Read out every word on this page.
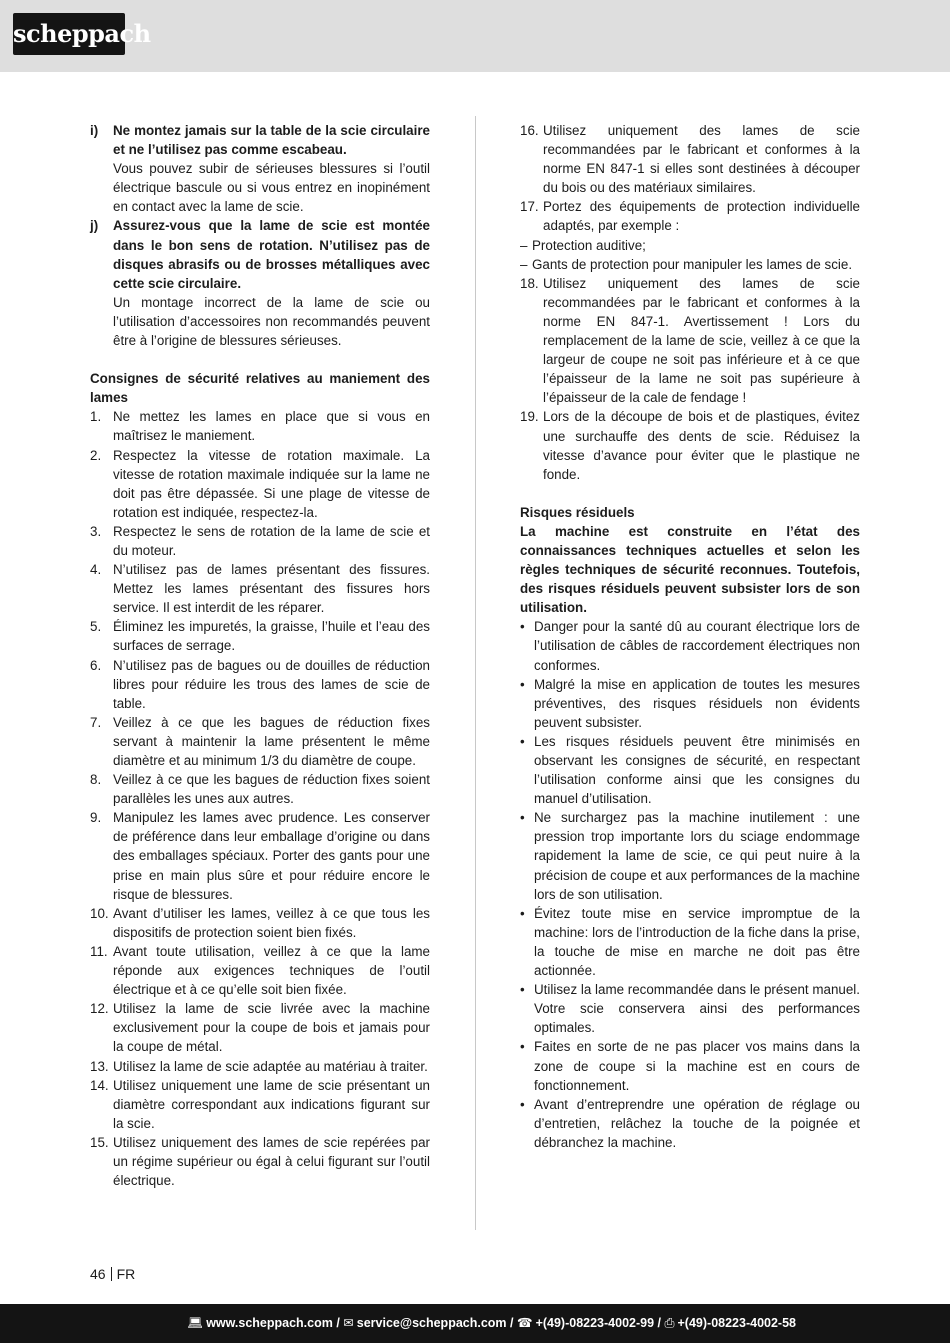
scheppach
i)	Ne montez jamais sur la table de la scie circulaire et ne l’utilisez pas comme escabeau.
Vous pouvez subir de sérieuses blessures si l’outil électrique bascule ou si vous entrez en inopinément en contact avec la lame de scie.
j)	Assurez-vous que la lame de scie est montée dans le bon sens de rotation. N’utilisez pas de disques abrasifs ou de brosses métalliques avec cette scie circulaire.
Un montage incorrect de la lame de scie ou l’utilisation d’accessoires non recommandés peuvent être à l’origine de blessures sérieuses.
Consignes de sécurité relatives au maniement des lames
1. Ne mettez les lames en place que si vous en maîtrisez le maniement.
2. Respectez la vitesse de rotation maximale. La vitesse de rotation maximale indiquée sur la lame ne doit pas être dépassée. Si une plage de vitesse de rotation est indiquée, respectez-la.
3. Respectez le sens de rotation de la lame de scie et du moteur.
4. N’utilisez pas de lames présentant des fissures. Mettez les lames présentant des fissures hors service. Il est interdit de les réparer.
5. Éliminez les impuretés, la graisse, l’huile et l’eau des surfaces de serrage.
6. N’utilisez pas de bagues ou de douilles de réduction libres pour réduire les trous des lames de scie de table.
7. Veillez à ce que les bagues de réduction fixes servant à maintenir la lame présentent le même diamètre et au minimum 1/3 du diamètre de coupe.
8. Veillez à ce que les bagues de réduction fixes soient parallèles les unes aux autres.
9. Manipulez les lames avec prudence. Les conserver de préférence dans leur emballage d’origine ou dans des emballages spéciaux. Porter des gants pour une prise en main plus sûre et pour réduire encore le risque de blessures.
10. Avant d’utiliser les lames, veillez à ce que tous les dispositifs de protection soient bien fixés.
11. Avant toute utilisation, veillez à ce que la lame réponde aux exigences techniques de l’outil électrique et à ce qu’elle soit bien fixée.
12. Utilisez la lame de scie livrée avec la machine exclusivement pour la coupe de bois et jamais pour la coupe de métal.
13. Utilisez la lame de scie adaptée au matériau à traiter.
14. Utilisez uniquement une lame de scie présentant un diamètre correspondant aux indications figurant sur la scie.
15. Utilisez uniquement des lames de scie repérées par un régime supérieur ou égal à celui figurant sur l’outil électrique.
16. Utilisez uniquement des lames de scie recommandées par le fabricant et conformes à la norme EN 847-1 si elles sont destinées à découper du bois ou des matériaux similaires.
17. Portez des équipements de protection individuelle adaptés, par exemple :
– Protection auditive;
– Gants de protection pour manipuler les lames de scie.
18. Utilisez uniquement des lames de scie recommandées par le fabricant et conformes à la norme EN 847-1. Avertissement ! Lors du remplacement de la lame de scie, veillez à ce que la largeur de coupe ne soit pas inférieure et à ce que l’épaisseur de la lame ne soit pas supérieure à l’épaisseur de la cale de fendage !
19. Lors de la découpe de bois et de plastiques, évitez une surchauffe des dents de scie. Réduisez la vitesse d’avance pour éviter que le plastique ne fonde.
Risques résiduels
La machine est construite en l’état des connaissances techniques actuelles et selon les règles techniques de sécurité reconnues. Toutefois, des risques résiduels peuvent subsister lors de son utilisation.
• Danger pour la santé dû au courant électrique lors de l’utilisation de câbles de raccordement électriques non conformes.
• Malgré la mise en application de toutes les mesures préventives, des risques résiduels non évidents peuvent subsister.
• Les risques résiduels peuvent être minimisés en observant les consignes de sécurité, en respectant l’utilisation conforme ainsi que les consignes du manuel d’utilisation.
• Ne surchargez pas la machine inutilement : une pression trop importante lors du sciage endommage rapidement la lame de scie, ce qui peut nuire à la précision de coupe et aux performances de la machine lors de son utilisation.
• Évitez toute mise en service impromptue de la machine: lors de l’introduction de la fiche dans la prise, la touche de mise en marche ne doit pas être actionnée.
• Utilisez la lame recommandée dans le présent manuel. Votre scie conservera ainsi des performances optimales.
• Faites en sorte de ne pas placer vos mains dans la zone de coupe si la machine est en cours de fonctionnement.
• Avant d’entreprendre une opération de réglage ou d’entretien, relâchez la touche de la poignée et débranchez la machine.
46 FR
💻︎ www.scheppach.com / ✉ service@scheppach.com / ☎ +(49)-08223-4002-99 / ⎙ +(49)-08223-4002-58
